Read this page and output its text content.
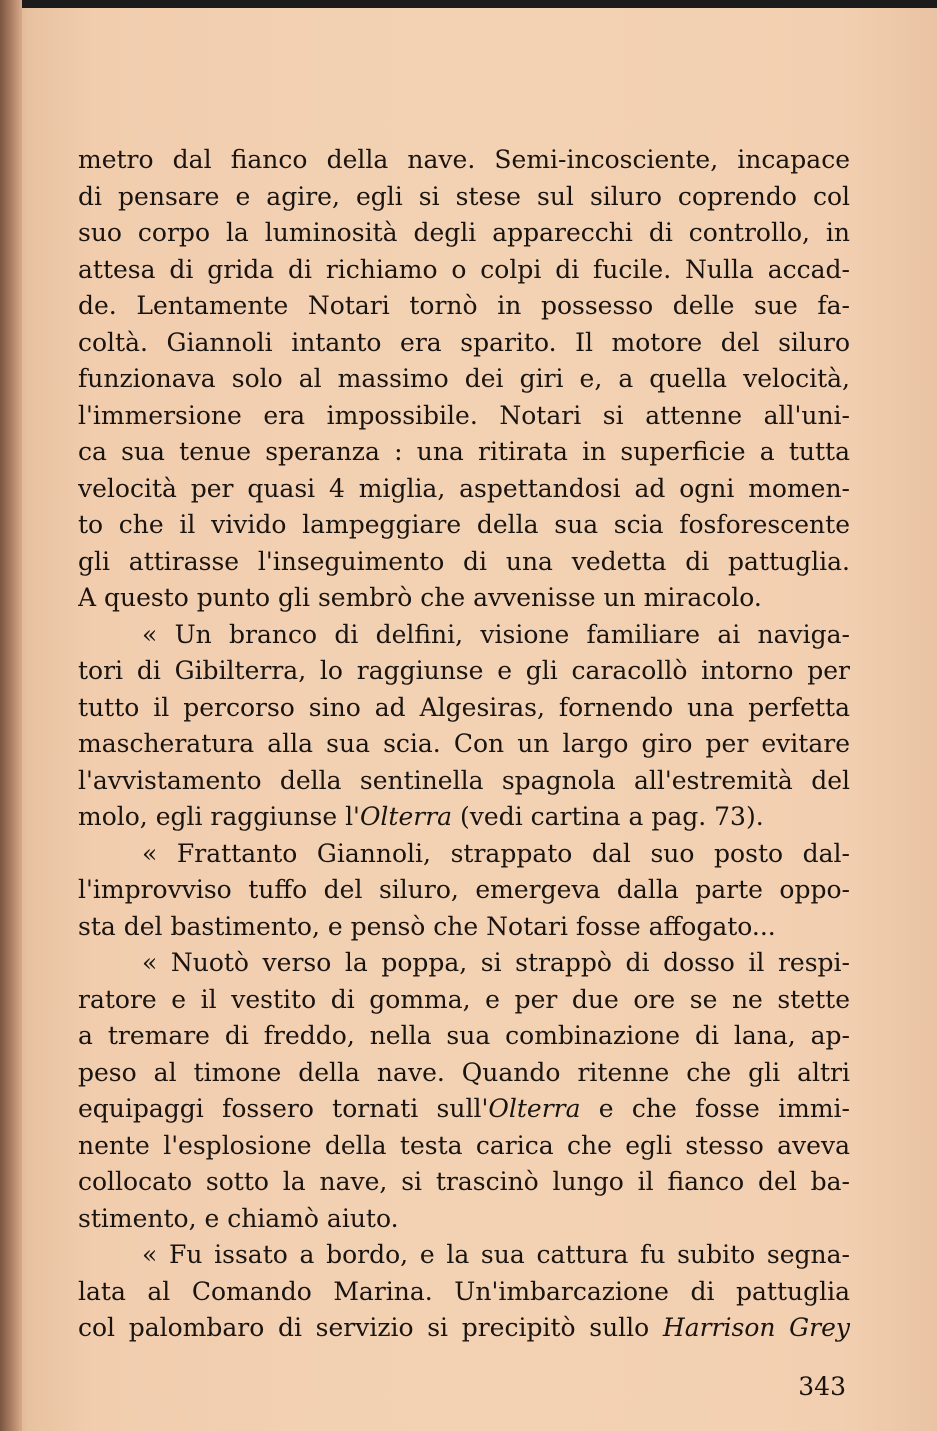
metro dal fianco della nave. Semi-incosciente, incapace
di pensare e agire, egli si stese sul siluro coprendo col
suo corpo la luminosità degli apparecchi di controllo, in
attesa di grida di richiamo o colpi di fucile. Nulla accad-
de. Lentamente Notari tornò in possesso delle sue fa-
coltà. Giannoli intanto era sparito. Il motore del siluro
funzionava solo al massimo dei giri e, a quella velocità,
l'immersione era impossibile. Notari si attenne all'uni-
ca sua tenue speranza : una ritirata in superficie a tutta
velocità per quasi 4 miglia, aspettandosi ad ogni momen-
to che il vivido lampeggiare della sua scia fosforescente
gli attirasse l'inseguimento di una vedetta di pattuglia.
A questo punto gli sembrò che avvenisse un miracolo.
« Un branco di delfini, visione familiare ai naviga-
tori di Gibilterra, lo raggiunse e gli caracollò intorno per
tutto il percorso sino ad Algesiras, fornendo una perfetta
mascheratura alla sua scia. Con un largo giro per evitare
l'avvistamento della sentinella spagnola all'estremità del
molo, egli raggiunse l'Olterra (vedi cartina a pag. 73).
« Frattanto Giannoli, strappato dal suo posto dal-
l'improvviso tuffo del siluro, emergeva dalla parte oppo-
sta del bastimento, e pensò che Notari fosse affogato...
« Nuotò verso la poppa, si strappò di dosso il respi-
ratore e il vestito di gomma, e per due ore se ne stette
a tremare di freddo, nella sua combinazione di lana, ap-
peso al timone della nave. Quando ritenne che gli altri
equipaggi fossero tornati sull'Olterra e che fosse immi-
nente l'esplosione della testa carica che egli stesso aveva
collocato sotto la nave, si trascinò lungo il fianco del ba-
stimento, e chiamò aiuto.
« Fu issato a bordo, e la sua cattura fu subito segna-
lata al Comando Marina. Un'imbarcazione di pattuglia
col palombaro di servizio si precipitò sullo Harrison Grey
343
